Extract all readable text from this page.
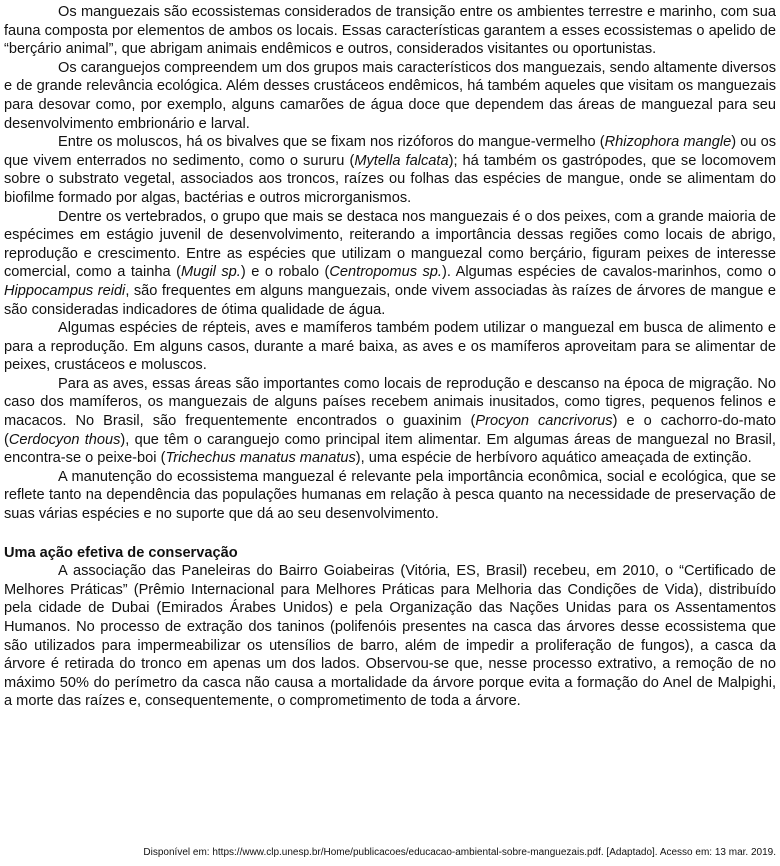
Os manguezais são ecossistemas considerados de transição entre os ambientes terrestre e marinho, com sua fauna composta por elementos de ambos os locais. Essas características garantem a esses ecossistemas o apelido de “berçário animal”, que abrigam animais endêmicos e outros, considerados visitantes ou oportunistas.

Os caranguejos compreendem um dos grupos mais característicos dos manguezais, sendo altamente diversos e de grande relevância ecológica. Além desses crustáceos endêmicos, há também aqueles que visitam os manguezais para desovar como, por exemplo, alguns camarões de água doce que dependem das áreas de manguezal para seu desenvolvimento embrionário e larval.

Entre os moluscos, há os bivalves que se fixam nos rizóforos do mangue-vermelho (Rhizophora mangle) ou os que vivem enterrados no sedimento, como o sururu (Mytella falcata); há também os gastrópodes, que se locomovem sobre o substrato vegetal, associados aos troncos, raízes ou folhas das espécies de mangue, onde se alimentam do biofilme formado por algas, bactérias e outros microrganismos.

Dentre os vertebrados, o grupo que mais se destaca nos manguezais é o dos peixes, com a grande maioria de espécimes em estágio juvenil de desenvolvimento, reiterando a importância dessas regiões como locais de abrigo, reprodução e crescimento. Entre as espécies que utilizam o manguezal como berçário, figuram peixes de interesse comercial, como a tainha (Mugil sp.) e o robalo (Centropomus sp.). Algumas espécies de cavalos-marinhos, como o Hippocampus reidi, são frequentes em alguns manguezais, onde vivem associadas às raízes de árvores de mangue e são consideradas indicadores de ótima qualidade de água.

Algumas espécies de répteis, aves e mamíferos também podem utilizar o manguezal em busca de alimento e para a reprodução. Em alguns casos, durante a maré baixa, as aves e os mamíferos aproveitam para se alimentar de peixes, crustáceos e moluscos.

Para as aves, essas áreas são importantes como locais de reprodução e descanso na época de migração. No caso dos mamíferos, os manguezais de alguns países recebem animais inusitados, como tigres, pequenos felinos e macacos. No Brasil, são frequentemente encontrados o guaxinim (Procyon cancrivorus) e o cachorro-do-mato (Cerdocyon thous), que têm o caranguejo como principal item alimentar. Em algumas áreas de manguezal no Brasil, encontra-se o peixe-boi (Trichechus manatus manatus), uma espécie de herbívoro aquático ameaçada de extinção.

A manutenção do ecossistema manguezal é relevante pela importância econômica, social e ecológica, que se reflete tanto na dependência das populações humanas em relação à pesca quanto na necessidade de preservação de suas várias espécies e no suporte que dá ao seu desenvolvimento.

Uma ação efetiva de conservação

A associação das Paneleiras do Bairro Goiabeiras (Vitória, ES, Brasil) recebeu, em 2010, o “Certificado de Melhores Práticas” (Prêmio Internacional para Melhores Práticas para Melhoria das Condições de Vida), distribuído pela cidade de Dubai (Emirados Árabes Unidos) e pela Organização das Nações Unidas para os Assentamentos Humanos. No processo de extração dos taninos (polifenóis presentes na casca das árvores desse ecossistema que são utilizados para impermeabilizar os utensílios de barro, além de impedir a proliferação de fungos), a casca da árvore é retirada do tronco em apenas um dos lados. Observou-se que, nesse processo extrativo, a remoção de no máximo 50% do perímetro da casca não causa a mortalidade da árvore porque evita a formação do Anel de Malpighi, a morte das raízes e, consequentemente, o comprometimento de toda a árvore.

Disponível em: https://www.clp.unesp.br/Home/publicacoes/educacao-ambiental-sobre-manguezais.pdf. [Adaptado]. Acesso em: 13 mar. 2019.
